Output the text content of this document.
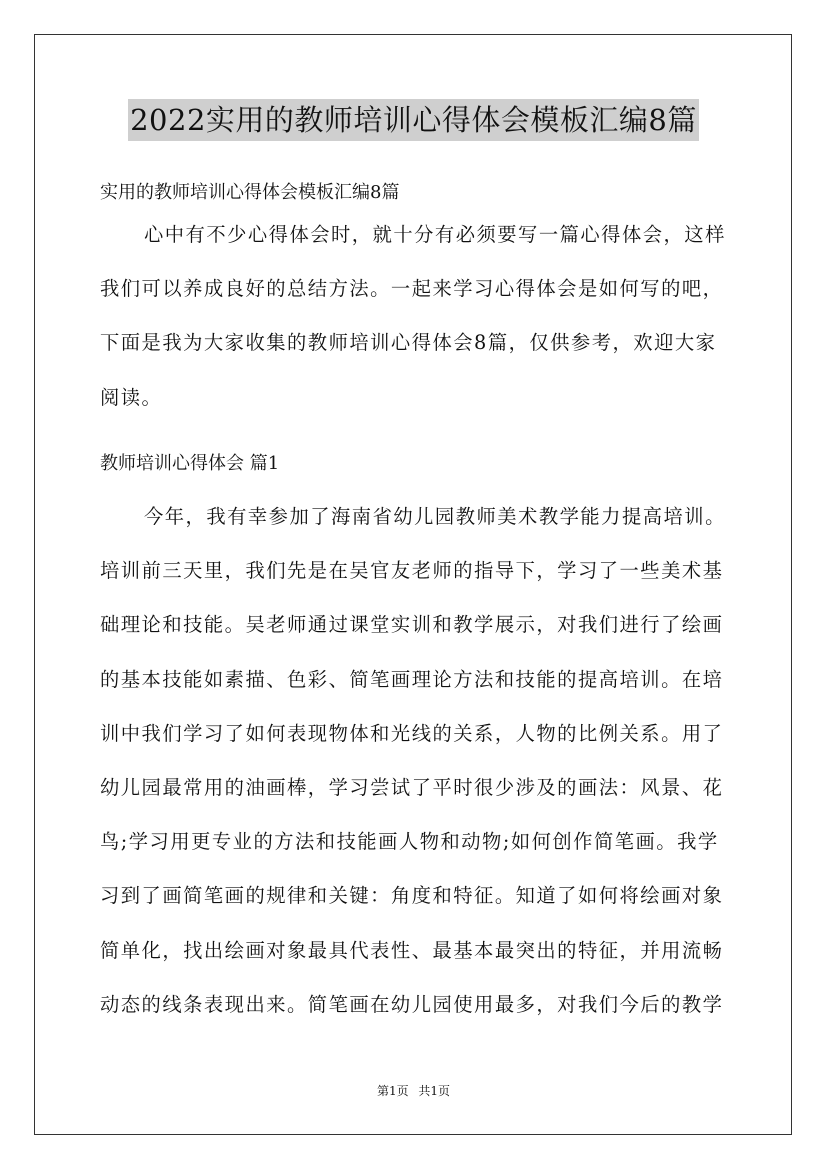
2022实用的教师培训心得体会模板汇编8篇
实用的教师培训心得体会模板汇编8篇
心中有不少心得体会时，就十分有必须要写一篇心得体会，这样
我们可以养成良好的总结方法。一起来学习心得体会是如何写的吧，
下面是我为大家收集的教师培训心得体会8篇，仅供参考，欢迎大家
阅读。
教师培训心得体会 篇1
今年，我有幸参加了海南省幼儿园教师美术教学能力提高培训。
培训前三天里，我们先是在吴官友老师的指导下，学习了一些美术基
础理论和技能。吴老师通过课堂实训和教学展示，对我们进行了绘画
的基本技能如素描、色彩、简笔画理论方法和技能的提高培训。在培
训中我们学习了如何表现物体和光线的关系，人物的比例关系。用了
幼儿园最常用的油画棒，学习尝试了平时很少涉及的画法：风景、花
鸟;学习用更专业的方法和技能画人物和动物;如何创作简笔画。我学
习到了画简笔画的规律和关键：角度和特征。知道了如何将绘画对象
简单化，找出绘画对象最具代表性、最基本最突出的特征，并用流畅
动态的线条表现出来。简笔画在幼儿园使用最多，对我们今后的教学
第1页 共1页
